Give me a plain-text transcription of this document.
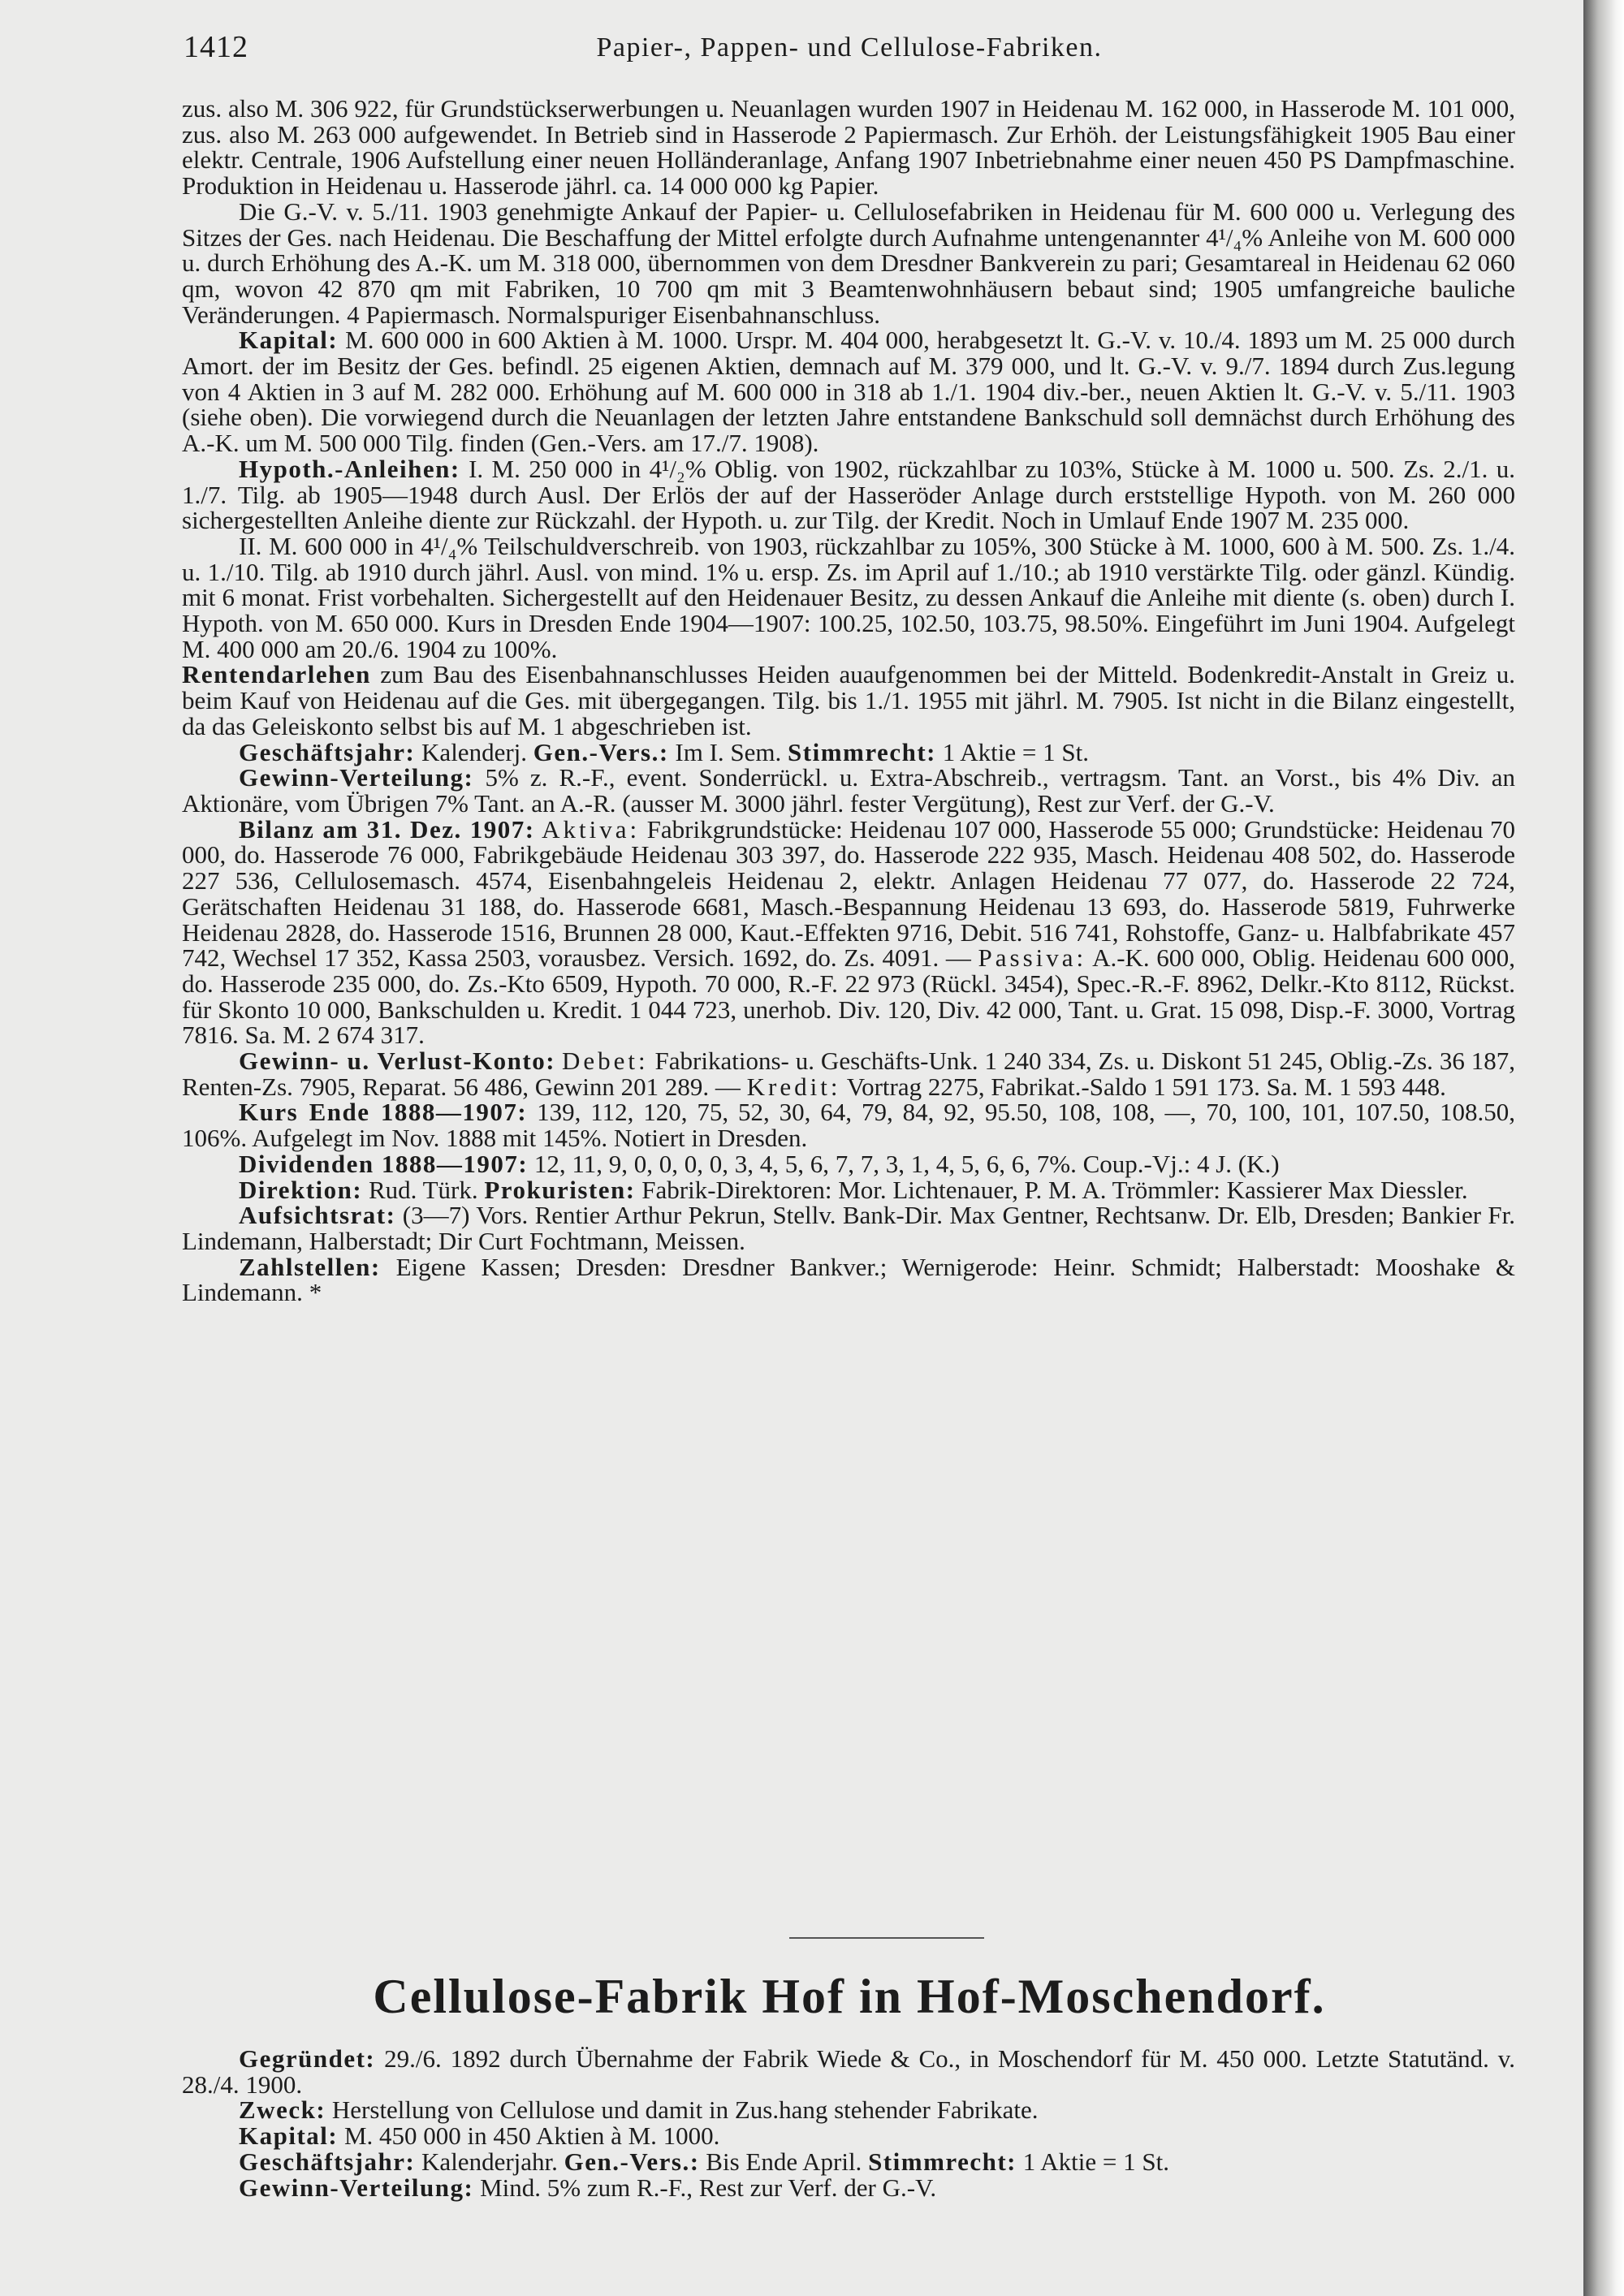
1412	Papier-, Pappen- und Cellulose-Fabriken.

zus. also M. 306 922, für Grundstückserwerbungen u. Neuanlagen wurden 1907 in Heidenau M. 162 000, in Hasserode M. 101 000, zus. also M. 263 000 aufgewendet. In Betrieb sind in Hasserode 2 Papiermasch. Zur Erhöh. der Leistungsfähigkeit 1905 Bau einer elektr. Centrale, 1906 Aufstellung einer neuen Holländeranlage, Anfang 1907 Inbetriebnahme einer neuen 450 PS Dampfmaschine. Produktion in Heidenau u. Hasserode jährl. ca. 14 000 000 kg Papier.

Die G.-V. v. 5./11. 1903 genehmigte Ankauf der Papier- u. Cellulosefabriken in Heidenau für M. 600 000 u. Verlegung des Sitzes der Ges. nach Heidenau. Die Beschaffung der Mittel erfolgte durch Aufnahme untengenannter 4¹/₄% Anleihe von M. 600 000 u. durch Erhöhung des A.-K. um M. 318 000, übernommen von dem Dresdner Bankverein zu pari; Gesamtareal in Heidenau 62 060 qm, wovon 42 870 qm mit Fabriken, 10 700 qm mit 3 Beamtenwohnhäusern bebaut sind; 1905 umfangreiche bauliche Veränderungen. 4 Papiermasch. Normalspuriger Eisenbahnanschluss.

Kapital: M. 600 000 in 600 Aktien à M. 1000. Urspr. M. 404 000, herabgesetzt lt. G.-V. v. 10./4. 1893 um M. 25 000 durch Amort. der im Besitz der Ges. befindl. 25 eigenen Aktien, demnach auf M. 379 000, und lt. G.-V. v. 9./7. 1894 durch Zus.legung von 4 Aktien in 3 auf M. 282 000. Erhöhung auf M. 600 000 in 318 ab 1./1. 1904 div.-ber., neuen Aktien lt. G.-V. v. 5./11. 1903 (siehe oben). Die vorwiegend durch die Neuanlagen der letzten Jahre entstandene Bankschuld soll demnächst durch Erhöhung des A.-K. um M. 500 000 Tilg. finden (Gen.-Vers. am 17./7. 1908).

Hypoth.-Anleihen: I. M. 250 000 in 4¹/₂% Oblig. von 1902, rückzahlbar zu 103%, Stücke à M. 1000 u. 500. Zs. 2./1. u. 1./7. Tilg. ab 1905—1948 durch Ausl. Der Erlös der auf der Hasseröder Anlage durch erststellige Hypoth. von M. 260 000 sichergestellten Anleihe diente zur Rückzahl. der Hypoth. u. zur Tilg. der Kredit. Noch in Umlauf Ende 1907 M. 235 000.

II. M. 600 000 in 4¹/₄% Teilschuldverschreib. von 1903, rückzahlbar zu 105%, 300 Stücke à M. 1000, 600 à M. 500. Zs. 1./4. u. 1./10. Tilg. ab 1910 durch jährl. Ausl. von mind. 1% u. ersp. Zs. im April auf 1./10.; ab 1910 verstärkte Tilg. oder gänzl. Kündig. mit 6 monat. Frist vorbehalten. Sichergestellt auf den Heidenauer Besitz, zu dessen Ankauf die Anleihe mit diente (s. oben) durch I. Hypoth. von M. 650 000. Kurs in Dresden Ende 1904—1907: 100.25, 102.50, 103.75, 98.50%. Eingeführt im Juni 1904. Aufgelegt M. 400 000 am 20./6. 1904 zu 100%.

Rentendarlehen zum Bau des Eisenbahnanschlusses Heiden auaufgenommen bei der Mitteld. Bodenkredit-Anstalt in Greiz u. beim Kauf von Heidenau auf die Ges. mit übergegangen. Tilg. bis 1./1. 1955 mit jährl. M. 7905. Ist nicht in die Bilanz eingestellt, da das Geleiskonto selbst bis auf M. 1 abgeschrieben ist.

Geschäftsjahr: Kalenderj. Gen.-Vers.: Im I. Sem. Stimmrecht: 1 Aktie = 1 St.

Gewinn-Verteilung: 5% z. R.-F., event. Sonderrückl. u. Extra-Abschreib., vertragsm. Tant. an Vorst., bis 4% Div. an Aktionäre, vom Übrigen 7% Tant. an A.-R. (ausser M. 3000 jährl. fester Vergütung), Rest zur Verf. der G.-V.

Bilanz am 31. Dez. 1907: Aktiva: Fabrikgrundstücke: Heidenau 107 000, Hasserode 55 000; Grundstücke: Heidenau 70 000, do. Hasserode 76 000, Fabrikgebäude Heidenau 303 397, do. Hasserode 222 935, Masch. Heidenau 408 502, do. Hasserode 227 536, Cellulosemasch. 4574, Eisenbahngeleis Heidenau 2, elektr. Anlagen Heidenau 77 077, do. Hasserode 22 724, Gerätschaften Heidenau 31 188, do. Hasserode 6681, Masch.-Bespannung Heidenau 13 693, do. Hasserode 5819, Fuhrwerke Heidenau 2828, do. Hasserode 1516, Brunnen 28 000, Kaut.-Effekten 9716, Debit. 516 741, Rohstoffe, Ganz- u. Halbfabrikate 457 742, Wechsel 17 352, Kassa 2503, vorausbez. Versich. 1692, do. Zs. 4091. — Passiva: A.-K. 600 000, Oblig. Heidenau 600 000, do. Hasserode 235 000, do. Zs.-Kto 6509, Hypoth. 70 000, R.-F. 22 973 (Rückl. 3454), Spec.-R.-F. 8962, Delkr.-Kto 8112, Rückst. für Skonto 10 000, Bankschulden u. Kredit. 1 044 723, unerhob. Div. 120, Div. 42 000, Tant. u. Grat. 15 098, Disp.-F. 3000, Vortrag 7816. Sa. M. 2 674 317.

Gewinn- u. Verlust-Konto: Debet: Fabrikations- u. Geschäfts-Unk. 1 240 334, Zs. u. Diskont 51 245, Oblig.-Zs. 36 187, Renten-Zs. 7905, Reparat. 56 486, Gewinn 201 289. — Kredit: Vortrag 2275, Fabrikat.-Saldo 1 591 173. Sa. M. 1 593 448.

Kurs Ende 1888—1907: 139, 112, 120, 75, 52, 30, 64, 79, 84, 92, 95.50, 108, 108, —, 70, 100, 101, 107.50, 108.50, 106%. Aufgelegt im Nov. 1888 mit 145%. Notiert in Dresden.

Dividenden 1888—1907: 12, 11, 9, 0, 0, 0, 0, 3, 4, 5, 6, 7, 7, 3, 1, 4, 5, 6, 6, 7%. Coup.-Vj.: 4 J. (K.)

Direktion: Rud. Türk. Prokuristen: Fabrik-Direktoren: Mor. Lichtenauer, P. M. A. Trömmler: Kassierer Max Diessler.

Aufsichtsrat: (3—7) Vors. Rentier Arthur Pekrun, Stellv. Bank-Dir. Max Gentner, Rechtsanw. Dr. Elb, Dresden; Bankier Fr. Lindemann, Halberstadt; Dir Curt Fochtmann, Meissen.

Zahlstellen: Eigene Kassen; Dresden: Dresdner Bankver.; Wernigerode: Heinr. Schmidt; Halberstadt: Mooshake & Lindemann. *

Cellulose-Fabrik Hof in Hof-Moschendorf.

Gegründet: 29./6. 1892 durch Übernahme der Fabrik Wiede & Co., in Moschendorf für M. 450 000. Letzte Statutänd. v. 28./4. 1900.

Zweck: Herstellung von Cellulose und damit in Zus.hang stehender Fabrikate.

Kapital: M. 450 000 in 450 Aktien à M. 1000.

Geschäftsjahr: Kalenderjahr. Gen.-Vers.: Bis Ende April. Stimmrecht: 1 Aktie = 1 St.

Gewinn-Verteilung: Mind. 5% zum R.-F., Rest zur Verf. der G.-V.
